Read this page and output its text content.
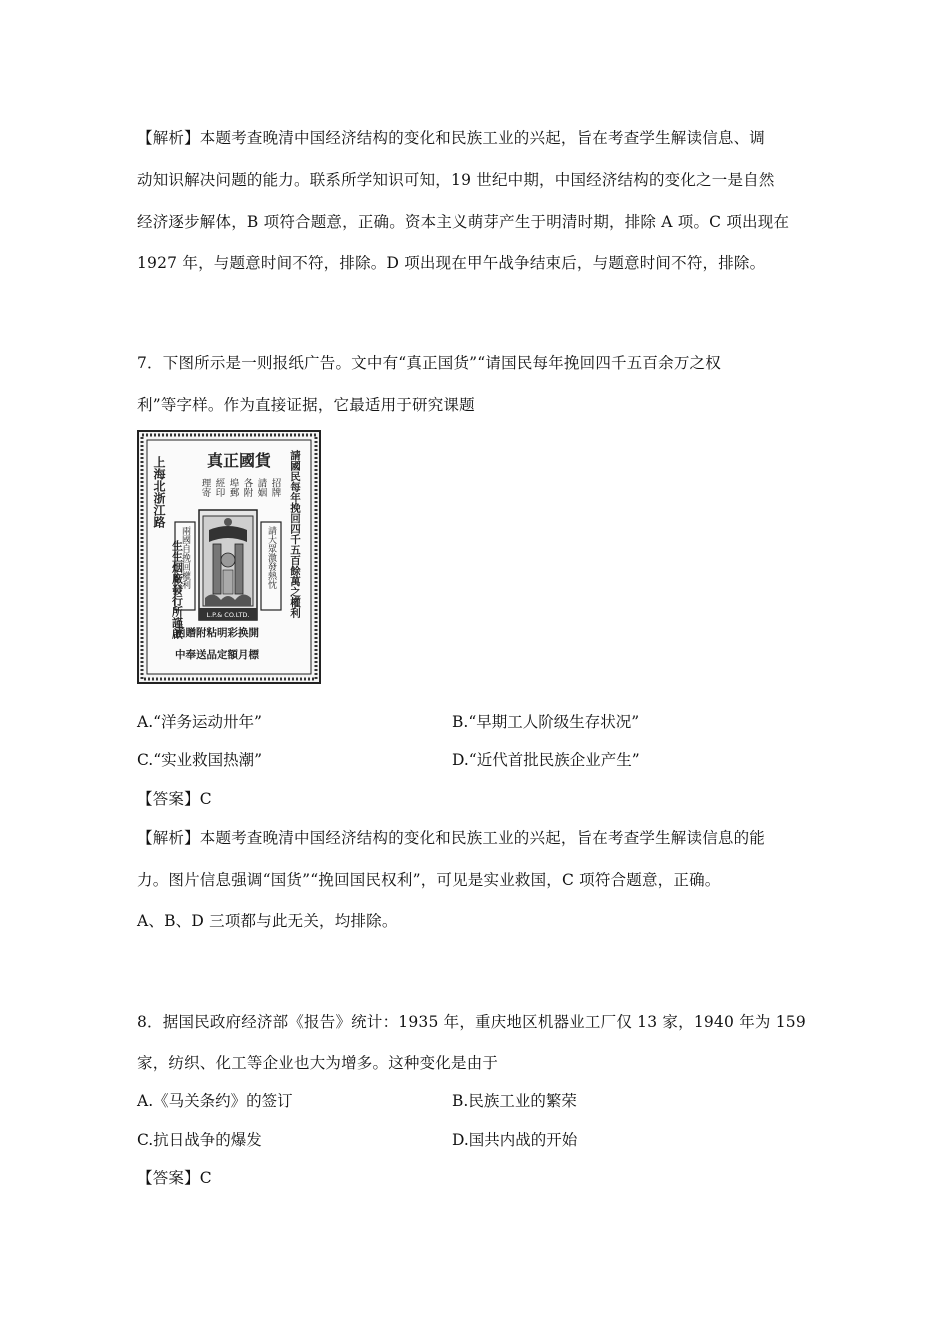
【解析】本题考查晚清中国经济结构的变化和民族工业的兴起，旨在考查学生解读信息、调
动知识解决问题的能力。联系所学知识可知，19 世纪中期，中国经济结构的变化之一是自然
经济逐步解体，B 项符合题意，正确。资本主义萌芽产生于明清时期，排除 A 项。C 项出现在
1927 年，与题意时间不符，排除。D 项出现在甲午战争结束后，与题意时间不符，排除。
7．下图所示是一则报纸广告。文中有“真正国货”“请国民每年挽回四千五百余万之权
利”等字样。作为直接证据，它最适用于研究课题
真正國貨 請國民每年挽回四千五百餘萬之權利
上海北浙江路
生生烟廠發行所謹啟
招牌
請姻
各附
埠郵
經印
理寄
兩國自挽回權利	請大眾激發熱忱
L.P.& CO.LTD.
函贈附粘明彩换開
中奉送品定額月標
A.“洋务运动卅年”	B.“早期工人阶级生存状况”
C.“实业救国热潮”	D.“近代首批民族企业产生”
【答案】C
【解析】本题考查晚清中国经济结构的变化和民族工业的兴起，旨在考查学生解读信息的能
力。图片信息强调“国货”“挽回国民权利”，可见是实业救国，C 项符合题意，正确。
A、B、D 三项都与此无关，均排除。
8．据国民政府经济部《报告》统计：1935 年，重庆地区机器业工厂仅 13 家，1940 年为 159
家，纺织、化工等企业也大为增多。这种变化是由于
A.《马关条约》的签订	B.民族工业的繁荣
C.抗日战争的爆发	D.国共内战的开始
【答案】C
